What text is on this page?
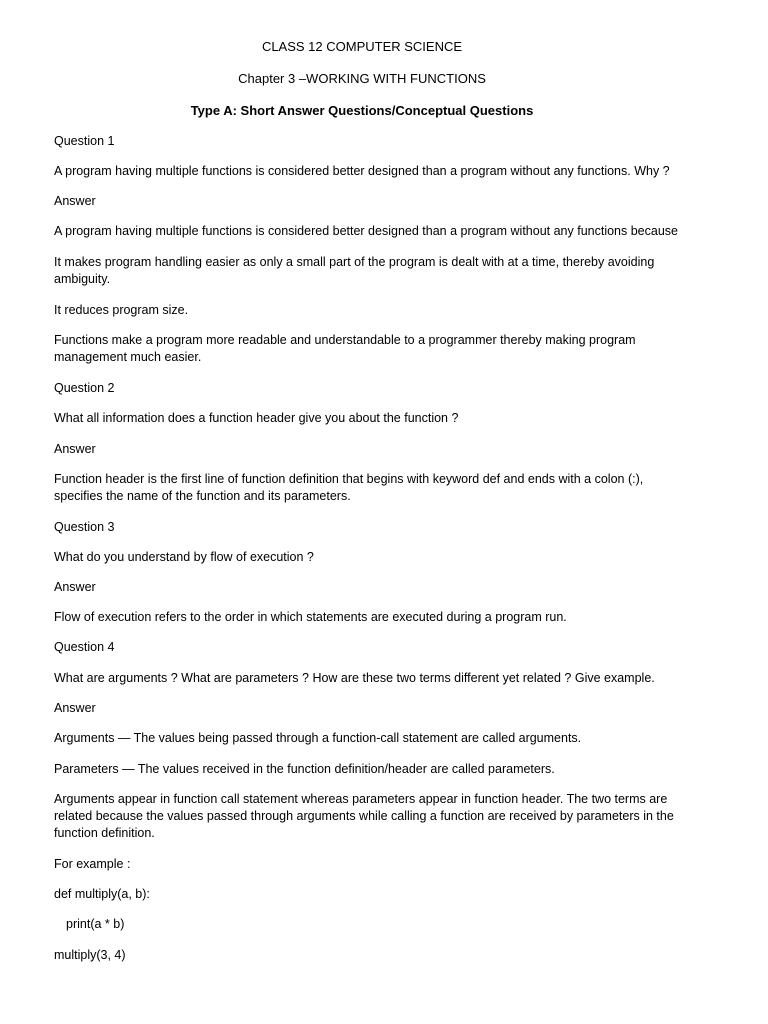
CLASS 12 COMPUTER SCIENCE
Chapter 3 –WORKING WITH FUNCTIONS
Type A: Short Answer Questions/Conceptual Questions

Question 1

A program having multiple functions is considered better designed than a program without any functions. Why ?

Answer

A program having multiple functions is considered better designed than a program without any functions because

It makes program handling easier as only a small part of the program is dealt with at a time, thereby avoiding ambiguity.

It reduces program size.

Functions make a program more readable and understandable to a programmer thereby making program management much easier.

Question 2

What all information does a function header give you about the function ?

Answer

Function header is the first line of function definition that begins with keyword def and ends with a colon (:), specifies the name of the function and its parameters.

Question 3

What do you understand by flow of execution ?

Answer

Flow of execution refers to the order in which statements are executed during a program run.

Question 4

What are arguments ? What are parameters ? How are these two terms different yet related ? Give example.

Answer

Arguments — The values being passed through a function-call statement are called arguments.

Parameters — The values received in the function definition/header are called parameters.

Arguments appear in function call statement whereas parameters appear in function header. The two terms are related because the values passed through arguments while calling a function are received by parameters in the function definition.

For example :

def multiply(a, b):

print(a * b)

multiply(3, 4)
